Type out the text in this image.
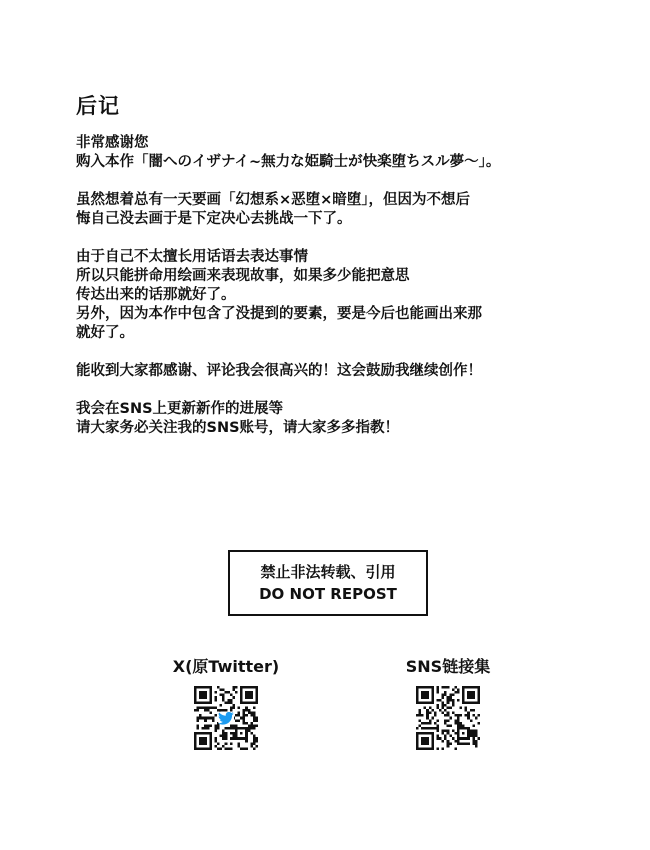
后记

非常感谢您
购入本作「闇へのイザナイ~無力な姫騎士が快楽堕ちスル夢〜」。

虽然想着总有一天要画「幻想系×恶堕×暗堕」，但因为不想后
悔自己没去画于是下定决心去挑战一下了。

由于自己不太擅长用话语去表达事情
所以只能拼命用绘画来表现故事，如果多少能把意思
传达出来的话那就好了。
另外，因为本作中包含了没提到的要素，要是今后也能画出来那
就好了。

能收到大家都感谢、评论我会很高兴的！这会鼓励我继续创作！

我会在SNS上更新新作的进展等
请大家务必关注我的SNS账号，请大家多多指教！

禁止非法转载、引用
DO NOT REPOST
X(原Twitter)	SNS链接集
